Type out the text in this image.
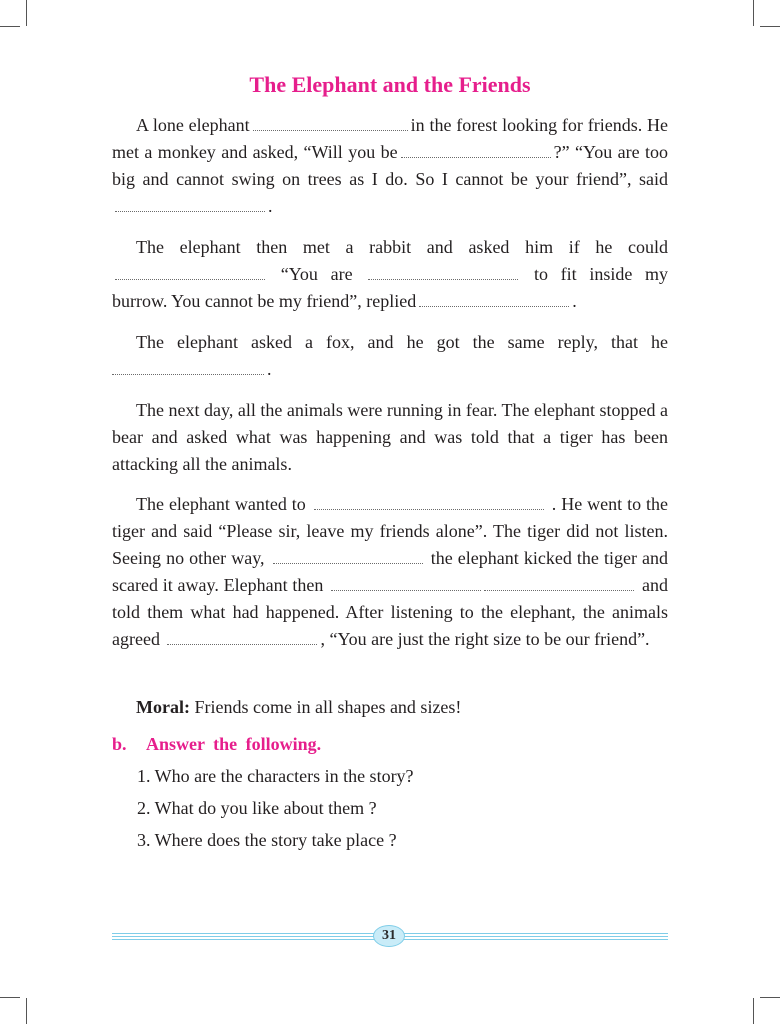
The Elephant and the Friends

A lone elephant	in the forest looking for friends. He met a monkey and asked, “Will you be	?” “You are too big and cannot swing on trees as I do. So I cannot be your friend”, said.

The elephant then met a rabbit and asked him if he could  “You are	to fit inside my burrow. You cannot be my friend”, replied	.

The elephant asked a fox, and he got the same reply, that he .

The next day, all the animals were running in fear. The elephant stopped a bear and asked what was happening and was told that a tiger has been attacking all the animals.

The elephant wanted to	. He went to the tiger and said “Please sir, leave my friends alone”. The tiger did not listen. Seeing no other way,	the elephant kicked the tiger and scared it away. Elephant then	and told them what had happened. After listening to the elephant, the animals agreed	, “You are just the right size to be our friend”.

Moral: Friends come in all shapes and sizes!

b. Answer the following.
1. Who are the characters in the story?
2. What do you like about them ?
3. Where does the story take place ?
31
